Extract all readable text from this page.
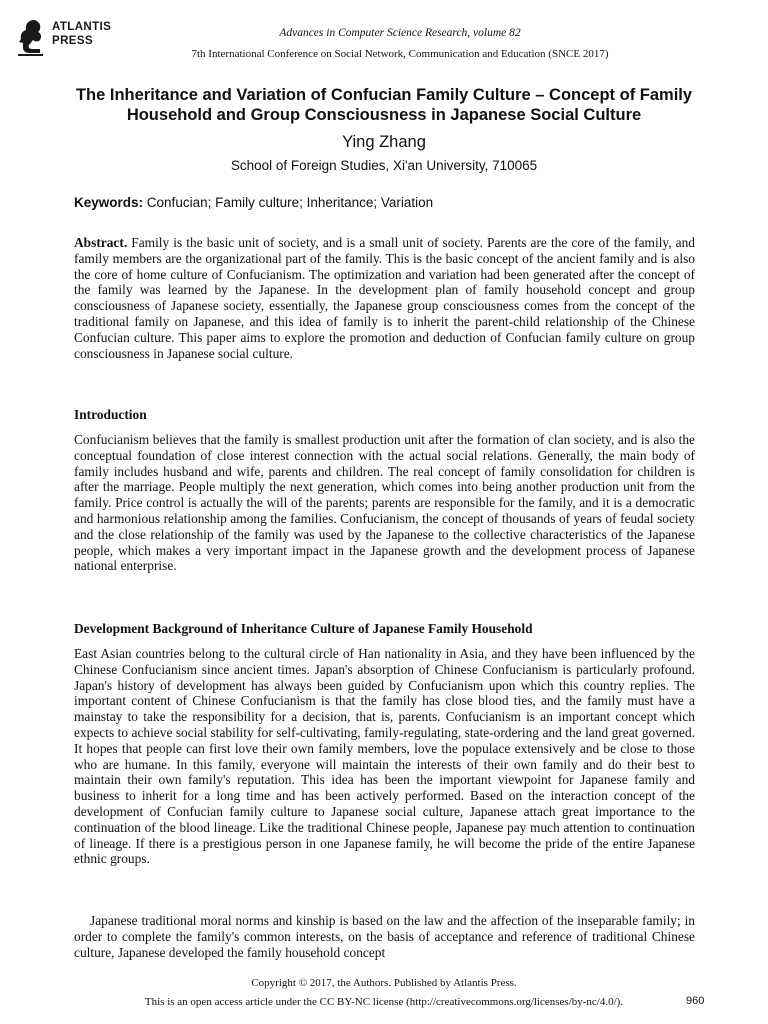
ATLANTIS
PRESS
Advances in Computer Science Research, volume 82
7th International Conference on Social Network, Communication and Education (SNCE 2017)
The Inheritance and Variation of Confucian Family Culture – Concept of Family Household and Group Consciousness in Japanese Social Culture
Ying Zhang
School of Foreign Studies, Xi'an University, 710065
Keywords: Confucian; Family culture; Inheritance; Variation
Abstract. Family is the basic unit of society, and is a small unit of society. Parents are the core of the family, and family members are the organizational part of the family. This is the basic concept of the ancient family and is also the core of home culture of Confucianism. The optimization and variation had been generated after the concept of the family was learned by the Japanese. In the development plan of family household concept and group consciousness of Japanese society, essentially, the Japanese group consciousness comes from the concept of the traditional family on Japanese, and this idea of family is to inherit the parent-child relationship of the Chinese Confucian culture. This paper aims to explore the promotion and deduction of Confucian family culture on group consciousness in Japanese social culture.
Introduction

Confucianism believes that the family is smallest production unit after the formation of clan society, and is also the conceptual foundation of close interest connection with the actual social relations. Generally, the main body of family includes husband and wife, parents and children. The real concept of family consolidation for children is after the marriage. People multiply the next generation, which comes into being another production unit from the family. Price control is actually the will of the parents; parents are responsible for the family, and it is a democratic and harmonious relationship among the families. Confucianism, the concept of thousands of years of feudal society and the close relationship of the family was used by the Japanese to the collective characteristics of the Japanese people, which makes a very important impact in the Japanese growth and the development process of Japanese national enterprise.

Development Background of Inheritance Culture of Japanese Family Household

East Asian countries belong to the cultural circle of Han nationality in Asia, and they have been influenced by the Chinese Confucianism since ancient times. Japan's absorption of Chinese Confucianism is particularly profound. Japan's history of development has always been guided by Confucianism upon which this country replies. The important content of Chinese Confucianism is that the family has close blood ties, and the family must have a mainstay to take the responsibility for a decision, that is, parents. Confucianism is an important concept which expects to achieve social stability for self-cultivating, family-regulating, state-ordering and the land great governed. It hopes that people can first love their own family members, love the populace extensively and be close to those who are humane. In this family, everyone will maintain the interests of their own family and do their best to maintain their own family's reputation. This idea has been the important viewpoint for Japanese family and business to inherit for a long time and has been actively performed. Based on the interaction concept of the development of Confucian family culture to Japanese social culture, Japanese attach great importance to the continuation of the blood lineage. Like the traditional Chinese people, Japanese pay much attention to continuation of lineage. If there is a prestigious person in one Japanese family, he will become the pride of the entire Japanese ethnic groups.

Japanese traditional moral norms and kinship is based on the law and the affection of the inseparable family; in order to complete the family's common interests, on the basis of acceptance and reference of traditional Chinese culture, Japanese developed the family household concept

Copyright © 2017, the Authors. Published by Atlantis Press.
This is an open access article under the CC BY-NC license (http://creativecommons.org/licenses/by-nc/4.0/).	960
